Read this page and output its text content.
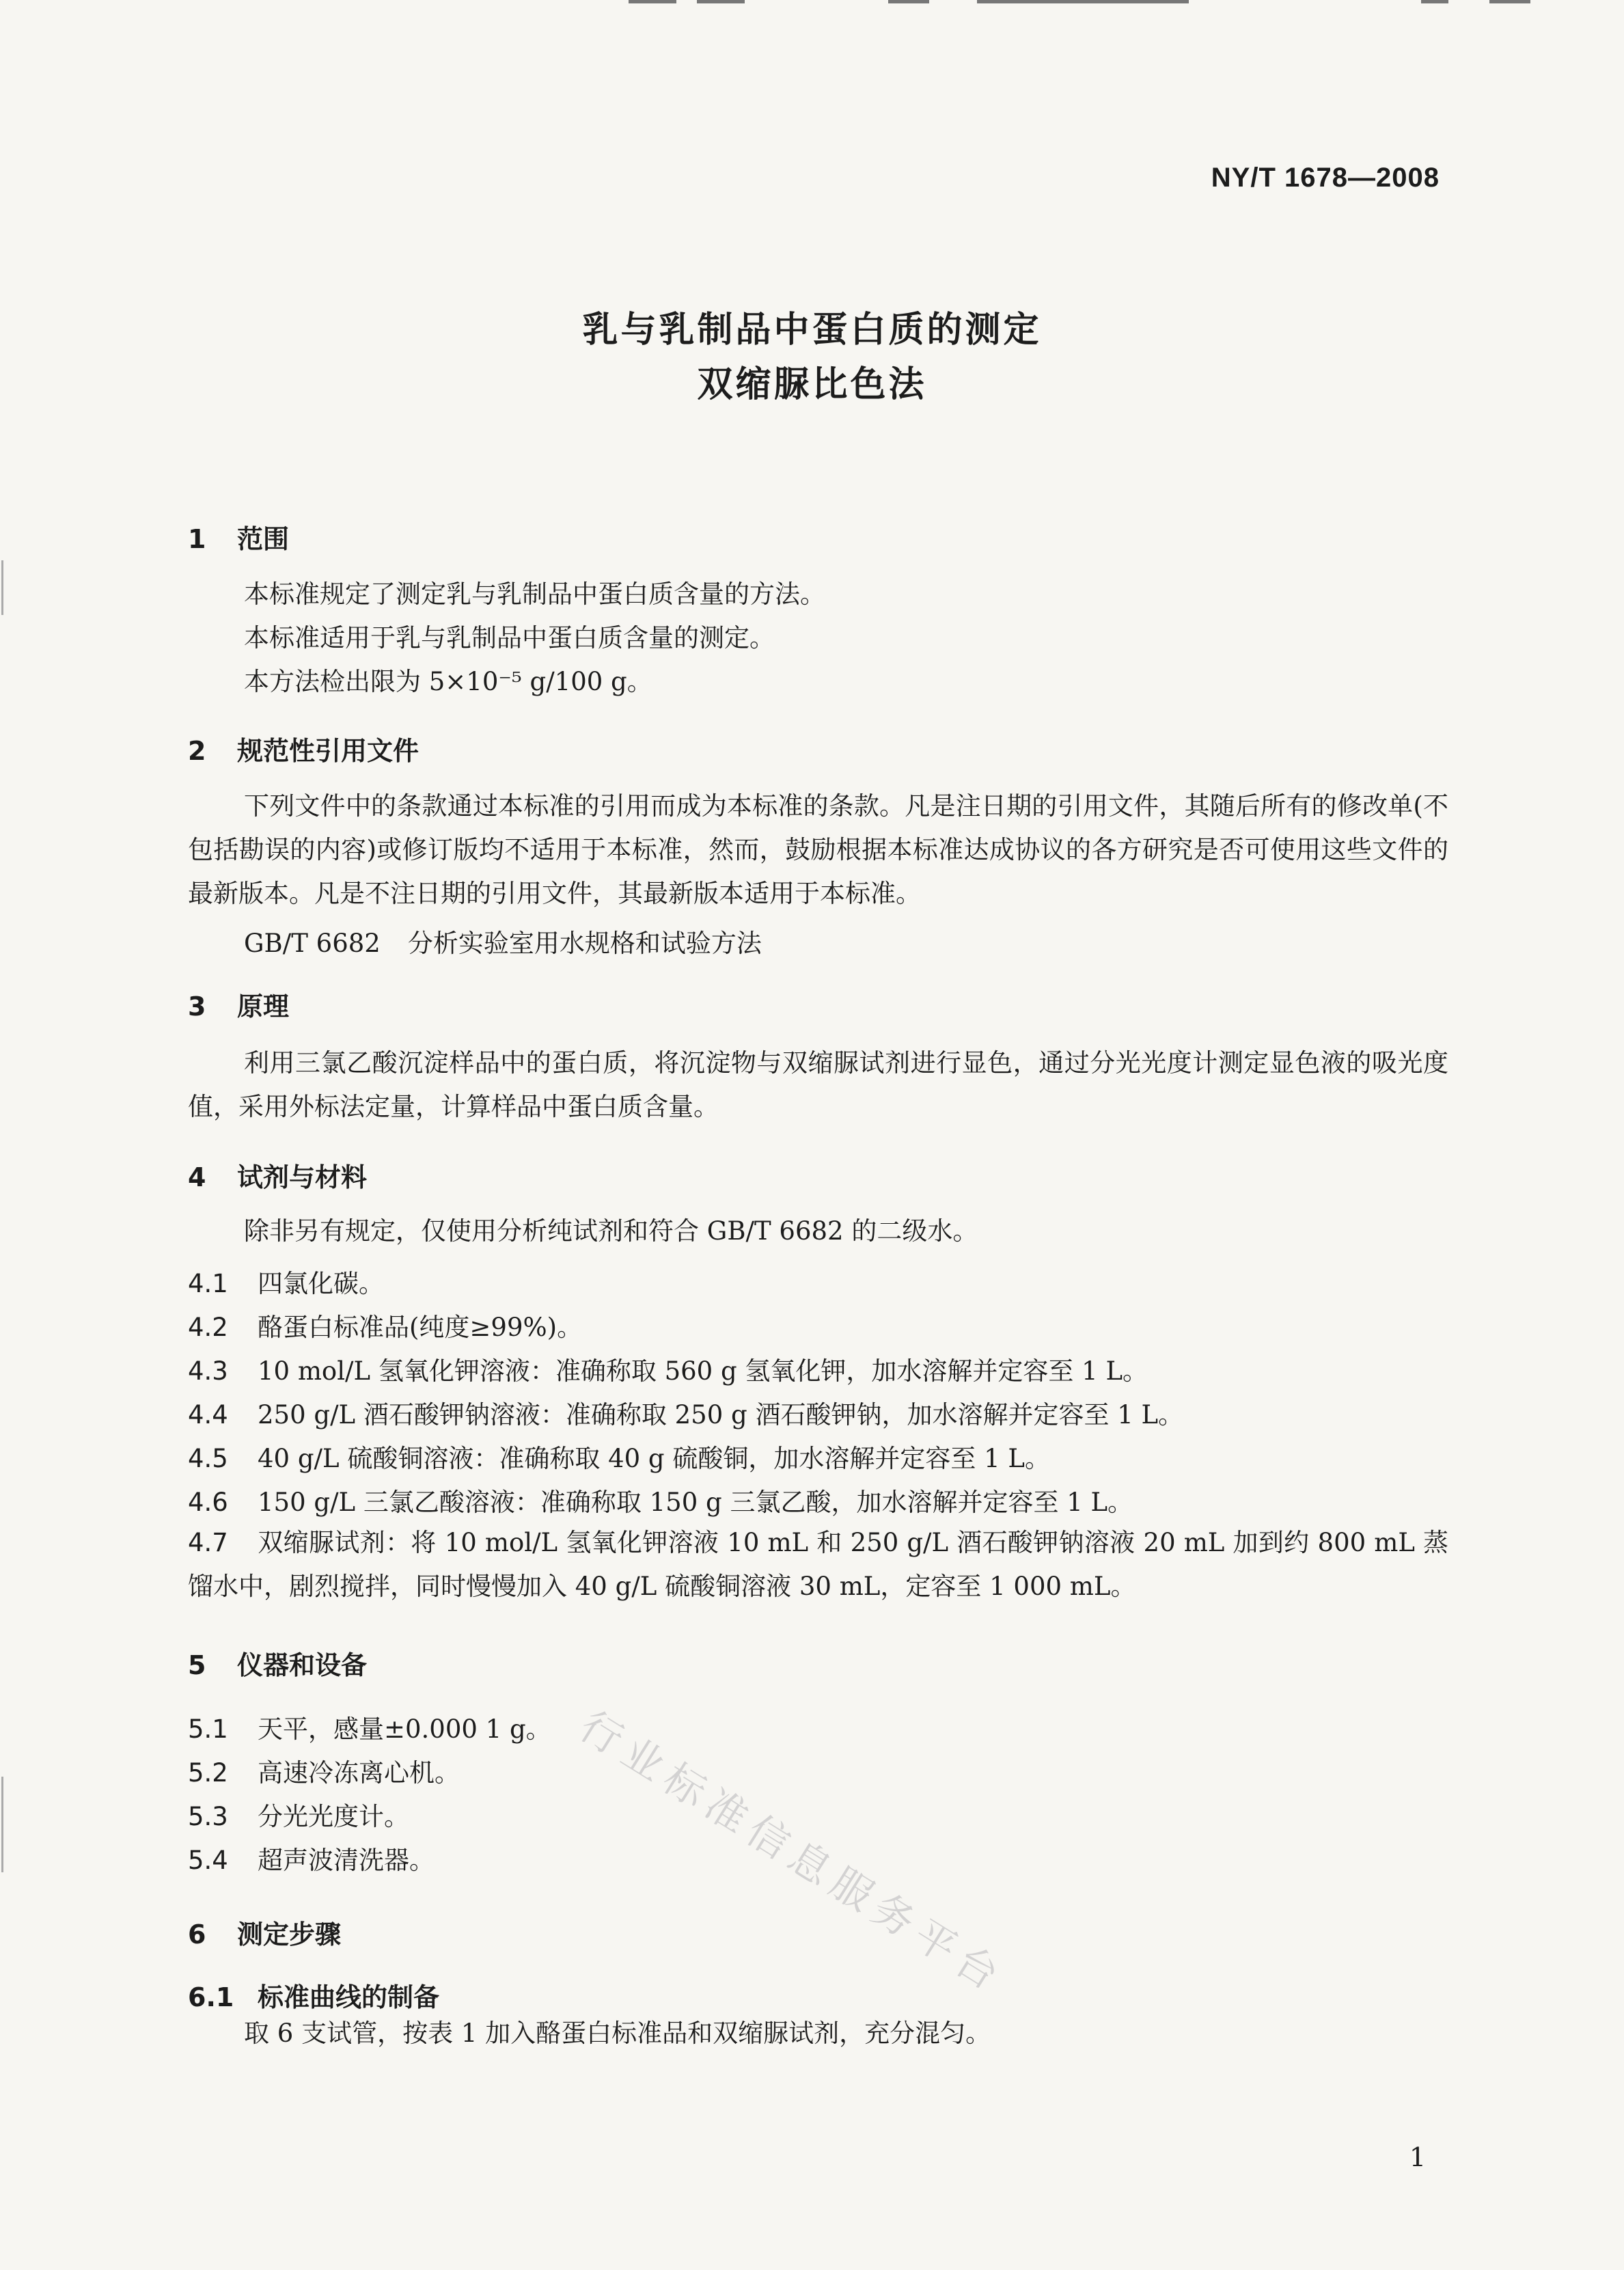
NY/T 1678—2008
乳与乳制品中蛋白质的测定
双缩脲比色法
1 范围
本标准规定了测定乳与乳制品中蛋白质含量的方法。
本标准适用于乳与乳制品中蛋白质含量的测定。
本方法检出限为 5×10⁻⁵ g/100 g。
2 规范性引用文件
下列文件中的条款通过本标准的引用而成为本标准的条款。凡是注日期的引用文件，其随后所有的修改单(不包括勘误的内容)或修订版均不适用于本标准，然而，鼓励根据本标准达成协议的各方研究是否可使用这些文件的最新版本。凡是不注日期的引用文件，其最新版本适用于本标准。
GB/T 6682 分析实验室用水规格和试验方法
3 原理
利用三氯乙酸沉淀样品中的蛋白质，将沉淀物与双缩脲试剂进行显色，通过分光光度计测定显色液的吸光度值，采用外标法定量，计算样品中蛋白质含量。
4 试剂与材料
除非另有规定，仅使用分析纯试剂和符合 GB/T 6682 的二级水。
4.1 四氯化碳。
4.2 酪蛋白标准品(纯度≥99%)。
4.3 10 mol/L 氢氧化钾溶液：准确称取 560 g 氢氧化钾，加水溶解并定容至 1 L。
4.4 250 g/L 酒石酸钾钠溶液：准确称取 250 g 酒石酸钾钠，加水溶解并定容至 1 L。
4.5 40 g/L 硫酸铜溶液：准确称取 40 g 硫酸铜，加水溶解并定容至 1 L。
4.6 150 g/L 三氯乙酸溶液：准确称取 150 g 三氯乙酸，加水溶解并定容至 1 L。
4.7 双缩脲试剂：将 10 mol/L 氢氧化钾溶液 10 mL 和 250 g/L 酒石酸钾钠溶液 20 mL 加到约 800 mL 蒸馏水中，剧烈搅拌，同时慢慢加入 40 g/L 硫酸铜溶液 30 mL，定容至 1 000 mL。
5 仪器和设备
5.1 天平，感量±0.000 1 g。
5.2 高速冷冻离心机。
5.3 分光光度计。
5.4 超声波清洗器。
6 测定步骤
6.1 标准曲线的制备
取 6 支试管，按表 1 加入酪蛋白标准品和双缩脲试剂，充分混匀。
行业标准信息服务平台
1
